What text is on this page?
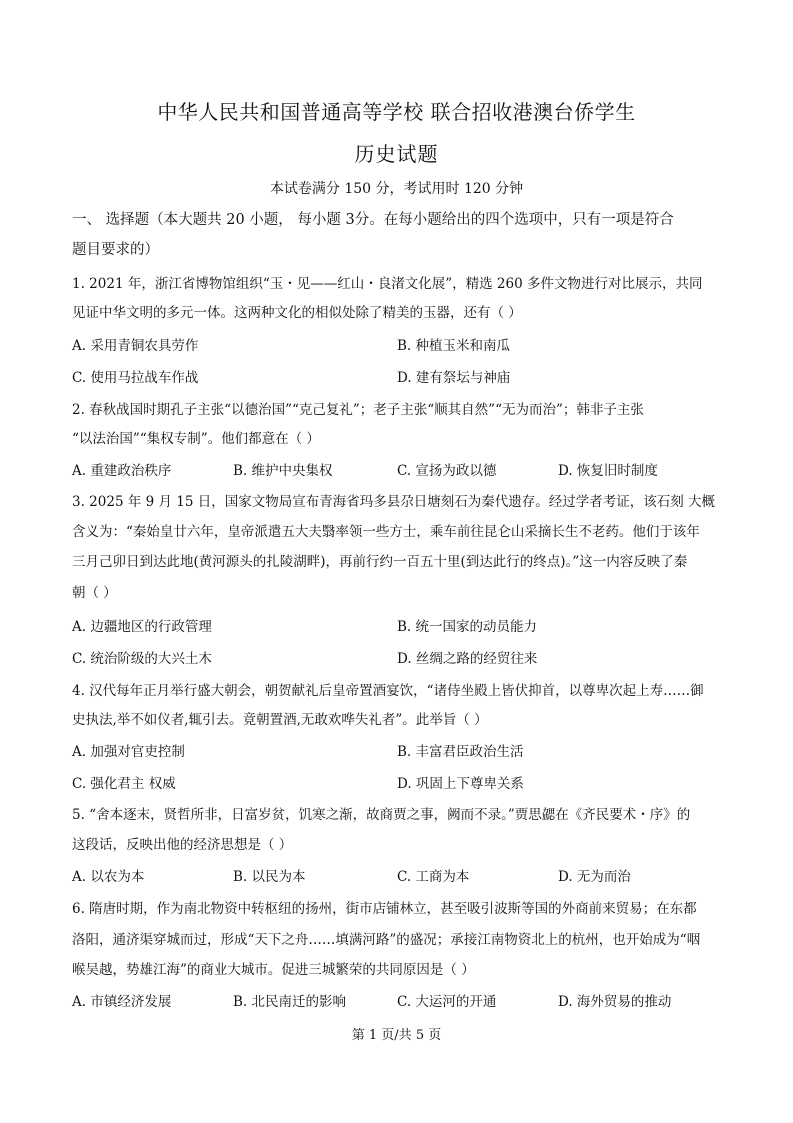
中华人民共和国普通高等学校 联合招收港澳台侨学生
历史试题
本试卷满分 150 分，考试用时 120 分钟
一、 选择题（本大题共 20 小题， 每小题 3分。在每小题给出的四个选项中，只有一项是符合
题目要求的）
1. 2021 年，浙江省博物馆组织“玉・见——红山・良渚文化展”，精选 260 多件文物进行对比展示，共同
见证中华文明的多元一体。这两种文化的相似处除了精美的玉器，还有（ ）
A. 采用青铜农具劳作	B. 种植玉米和南瓜
C. 使用马拉战车作战	D. 建有祭坛与神庙
2. 春秋战国时期孔子主张“以德治国”“克己复礼”；老子主张“顺其自然”“无为而治”；韩非子主张
“以法治国”“集权专制”。他们都意在（ ）
A. 重建政治秩序	B. 维护中央集权	C. 宣扬为政以德	D. 恢复旧时制度
3. 2025 年 9 月 15 日，国家文物局宣布青海省玛多县尕日塘刻石为秦代遗存。经过学者考证，该石刻 大概
含义为：“秦始皇廿六年，皇帝派遣五大夫翳率领一些方士，乘车前往昆仑山采摘长生不老药。他们于该年
三月己卯日到达此地(黄河源头的扎陵湖畔)，再前行约一百五十里(到达此行的终点)。”这一内容反映了秦
朝（ ）
A. 边疆地区的行政管理	B. 统一国家的动员能力
C. 统治阶级的大兴土木	D. 丝绸之路的经贸往来
4. 汉代每年正月举行盛大朝会，朝贺献礼后皇帝置酒宴饮，“诸侍坐殿上皆伏抑首，以尊卑次起上寿……御
史执法,举不如仪者,辄引去。竟朝置酒,无敢欢哗失礼者”。此举旨（ ）
A. 加强对官吏控制	B. 丰富君臣政治生活
C. 强化君主 权威	D. 巩固上下尊卑关系
5. “舍本逐末，贤哲所非，日富岁贫，饥寒之渐，故商贾之事，阙而不录。”贾思勰在《齐民要术・序》的
这段话，反映出他的经济思想是（ ）
A. 以农为本	B. 以民为本	C. 工商为本	D. 无为而治
6. 隋唐时期，作为南北物资中转枢纽的扬州，街市店铺林立，甚至吸引波斯等国的外商前来贸易；在东都
洛阳，通济渠穿城而过，形成“天下之舟……填满河路”的盛况；承接江南物资北上的杭州，也开始成为“咽
喉吴越，势雄江海”的商业大城市。促进三城繁荣的共同原因是（ ）
A. 市镇经济发展	B. 北民南迁的影响	C. 大运河的开通	D. 海外贸易的推动
第 1 页/共 5 页
